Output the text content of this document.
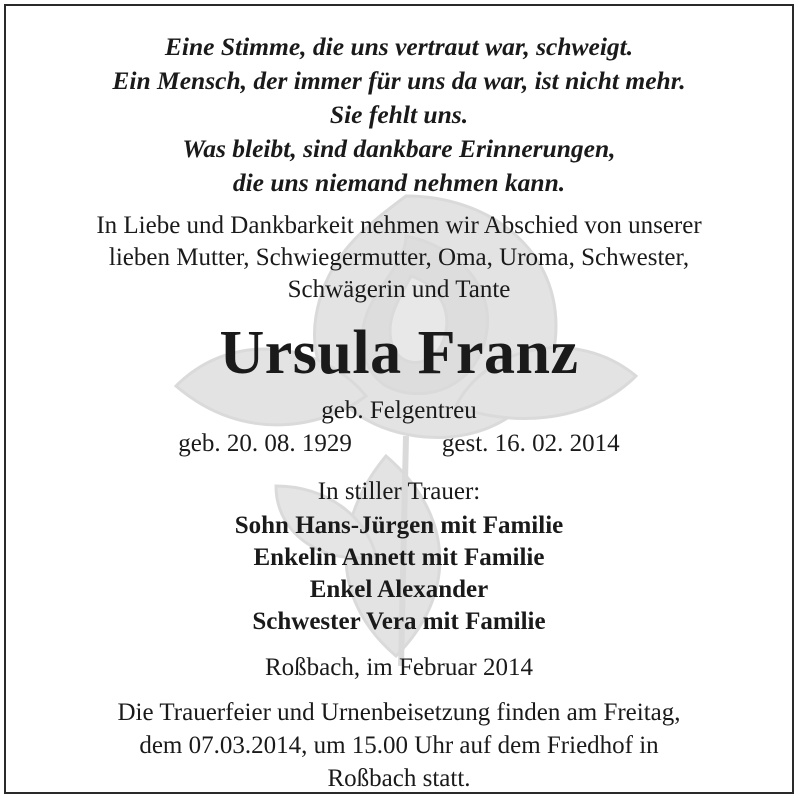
Eine Stimme, die uns vertraut war, schweigt.
Ein Mensch, der immer für uns da war, ist nicht mehr.
Sie fehlt uns.
Was bleibt, sind dankbare Erinnerungen,
die uns niemand nehmen kann.
In Liebe und Dankbarkeit nehmen wir Abschied von unserer
lieben Mutter, Schwiegermutter, Oma, Uroma, Schwester,
Schwägerin und Tante
Ursula Franz
geb. Felgentreu
geb. 20. 08. 1929	gest. 16. 02. 2014
In stiller Trauer:
Sohn Hans-Jürgen mit Familie
Enkelin Annett mit Familie
Enkel Alexander
Schwester Vera mit Familie
Roßbach, im Februar 2014
Die Trauerfeier und Urnenbeisetzung finden am Freitag,
dem 07.03.2014, um 15.00 Uhr auf dem Friedhof in
Roßbach statt.
